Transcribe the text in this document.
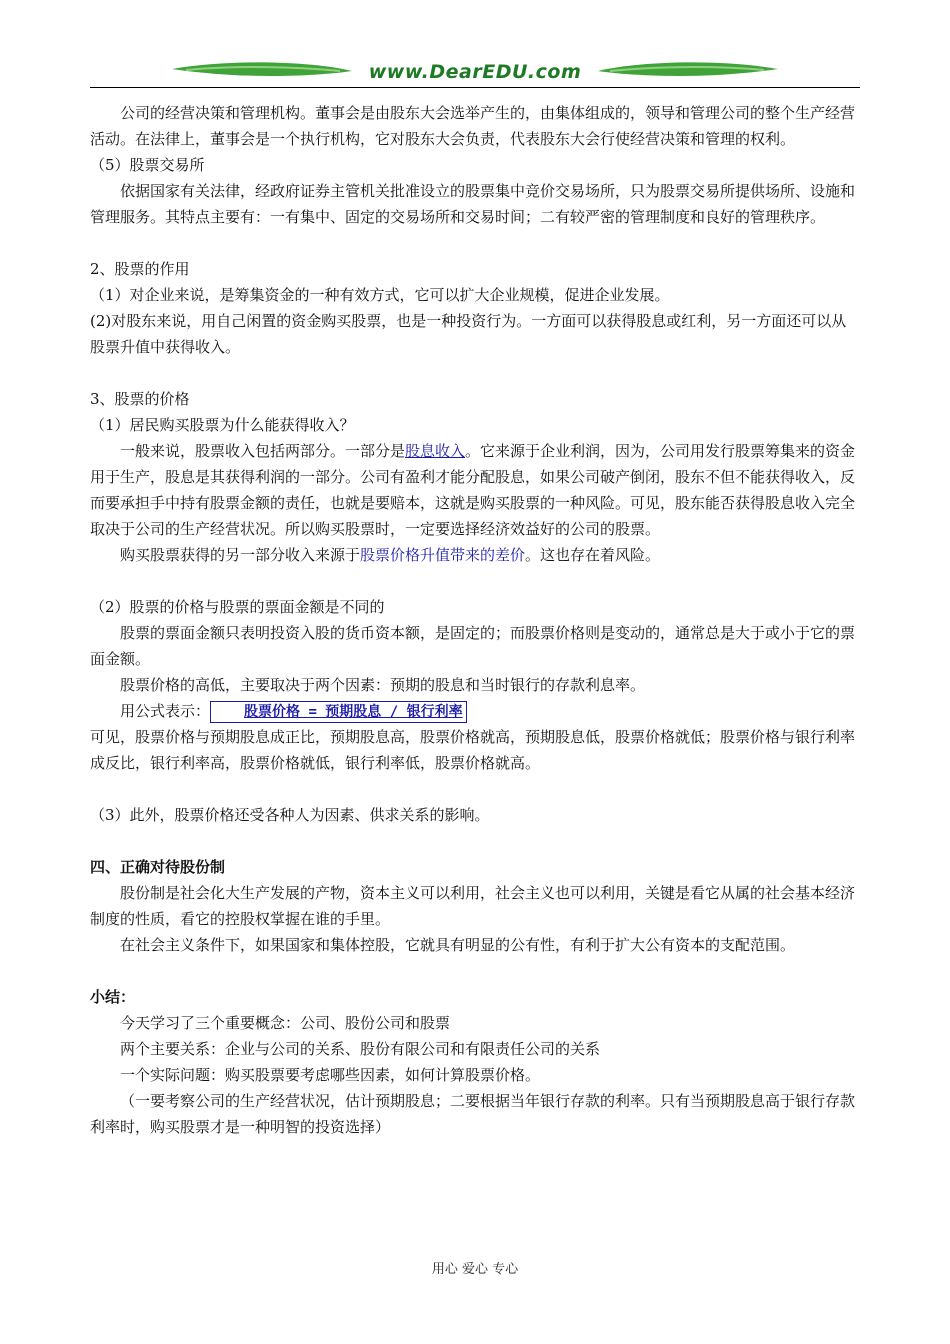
www.DearEDU.com

公司的经营决策和管理机构。董事会是由股东大会选举产生的，由集体组成的，领导和管理公司的整个生产经营活动。在法律上，董事会是一个执行机构，它对股东大会负责，代表股东大会行使经营决策和管理的权利。

（5）股票交易所

依据国家有关法律，经政府证券主管机关批准设立的股票集中竞价交易场所，只为股票交易所提供场所、设施和管理服务。其特点主要有：一有集中、固定的交易场所和交易时间；二有较严密的管理制度和良好的管理秩序。

2、股票的作用

（1）对企业来说，是筹集资金的一种有效方式，它可以扩大企业规模，促进企业发展。

(2)对股东来说，用自己闲置的资金购买股票，也是一种投资行为。一方面可以获得股息或红利，另一方面还可以从股票升值中获得收入。

3、股票的价格

（1）居民购买股票为什么能获得收入？

一般来说，股票收入包括两部分。一部分是股息收入。它来源于企业利润，因为，公司用发行股票筹集来的资金用于生产，股息是其获得利润的一部分。公司有盈利才能分配股息，如果公司破产倒闭，股东不但不能获得收入，反而要承担手中持有股票金额的责任，也就是要赔本，这就是购买股票的一种风险。可见，股东能否获得股息收入完全取决于公司的生产经营状况。所以购买股票时，一定要选择经济效益好的公司的股票。

购买股票获得的另一部分收入来源于股票价格升值带来的差价。这也存在着风险。

（2）股票的价格与股票的票面金额是不同的

股票的票面金额只表明投资入股的货币资本额，是固定的；而股票价格则是变动的，通常总是大于或小于它的票面金额。

股票价格的高低，主要取决于两个因素：预期的股息和当时银行的存款利息率。

用公式表示： 股票价格 = 预期股息 / 银行利率

可见，股票价格与预期股息成正比，预期股息高，股票价格就高，预期股息低，股票价格就低；股票价格与银行利率成反比，银行利率高，股票价格就低，银行利率低，股票价格就高。

（3）此外，股票价格还受各种人为因素、供求关系的影响。

四、正确对待股份制

股份制是社会化大生产发展的产物，资本主义可以利用，社会主义也可以利用，关键是看它从属的社会基本经济制度的性质，看它的控股权掌握在谁的手里。

在社会主义条件下，如果国家和集体控股，它就具有明显的公有性，有利于扩大公有资本的支配范围。

小结：

今天学习了三个重要概念：公司、股份公司和股票

两个主要关系：企业与公司的关系、股份有限公司和有限责任公司的关系

一个实际问题：购买股票要考虑哪些因素，如何计算股票价格。

（一要考察公司的生产经营状况，估计预期股息；二要根据当年银行存款的利率。只有当预期股息高于银行存款利率时，购买股票才是一种明智的投资选择）

用心 爱心 专心
